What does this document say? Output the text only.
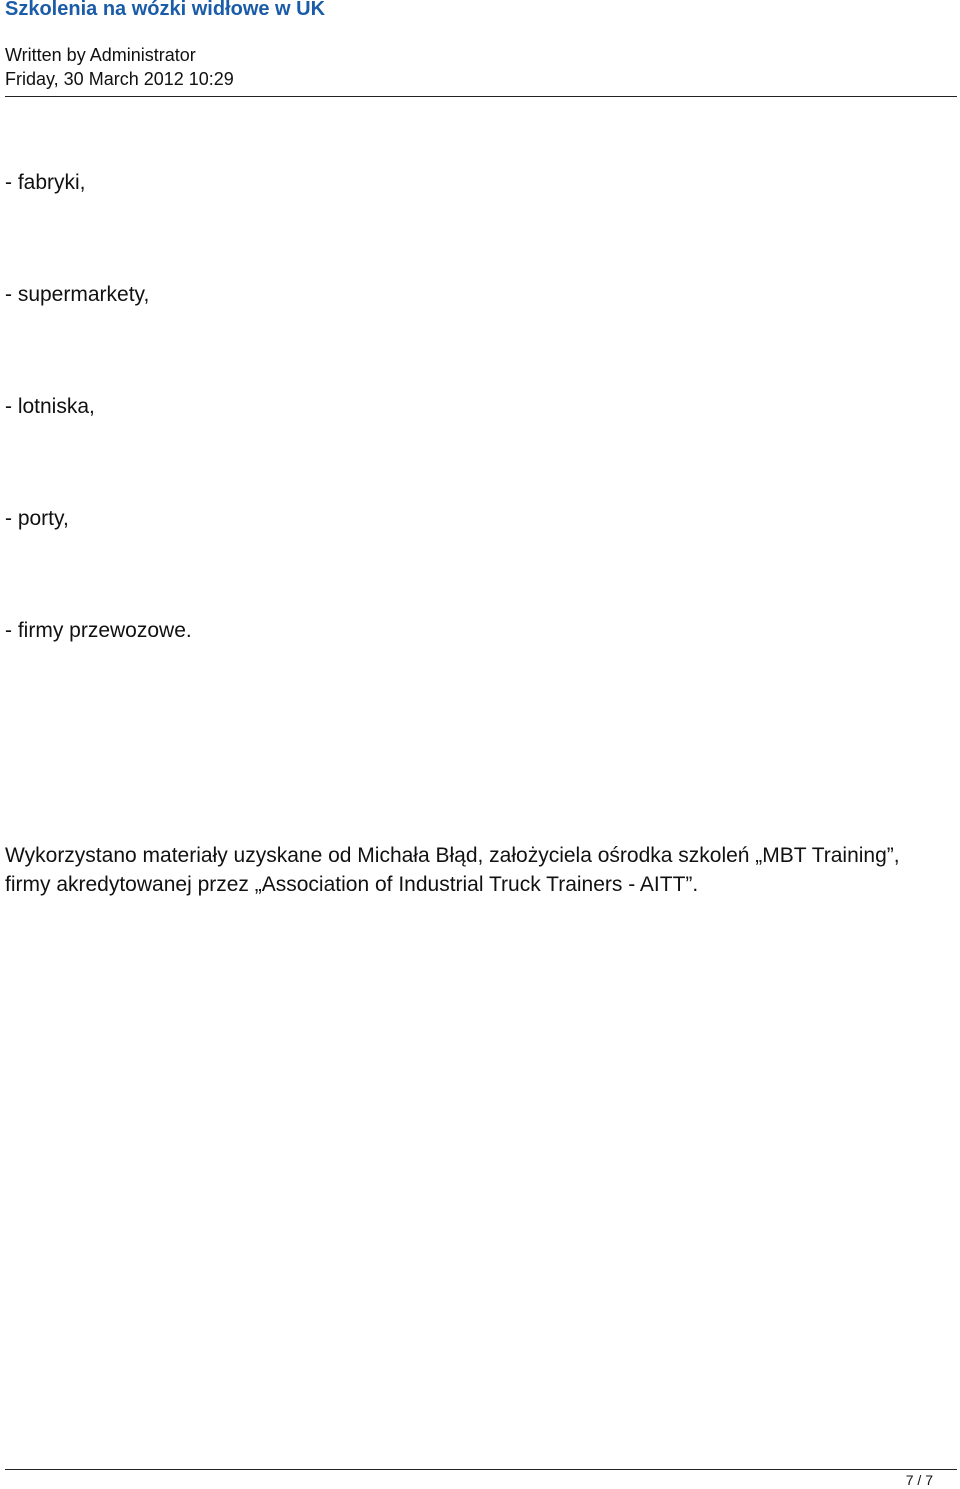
Szkolenia na wózki widłowe w UK
Written by Administrator
Friday, 30 March 2012 10:29
- fabryki,
- supermarkety,
- lotniska,
- porty,
- firmy przewozowe.
Wykorzystano materiały uzyskane od Michała Błąd, założyciela ośrodka szkoleń „MBT Training”, firmy akredytowanej przez „Association of Industrial Truck Trainers - AITT”.
7 / 7
